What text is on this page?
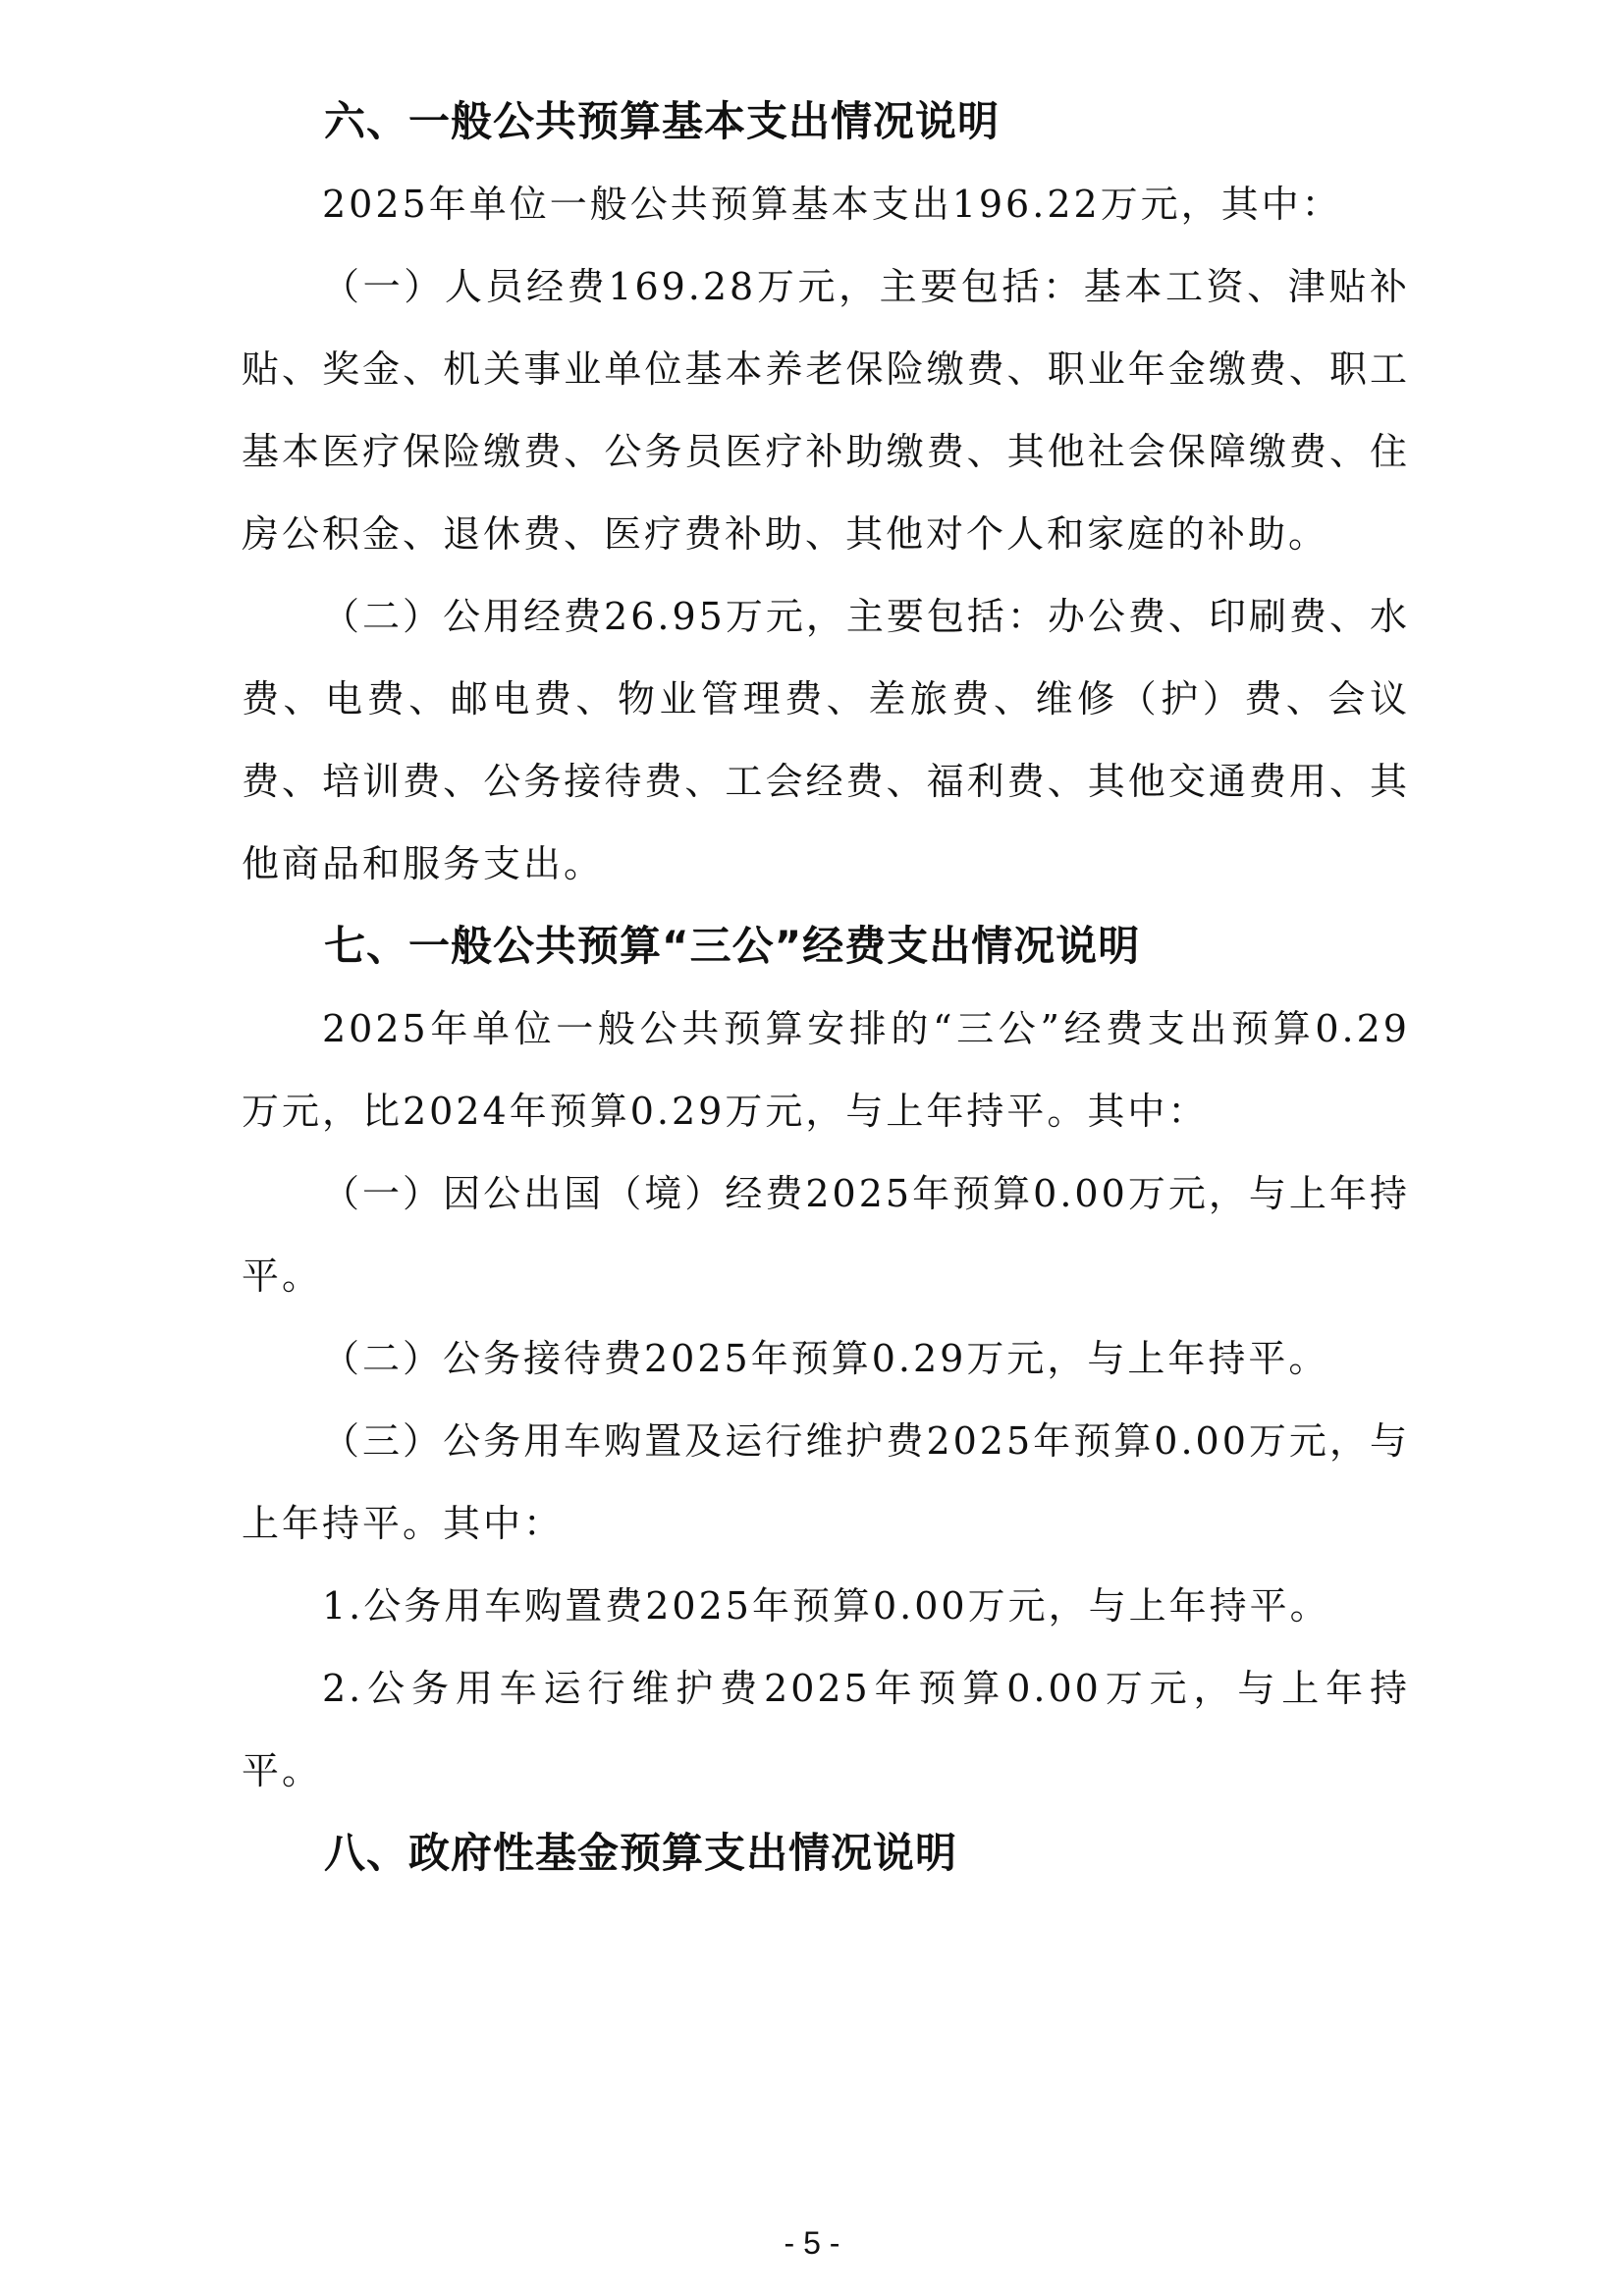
六、一般公共预算基本支出情况说明

2025年单位一般公共预算基本支出196.22万元，其中：

（一）人员经费169.28万元，主要包括：基本工资、津贴补贴、奖金、机关事业单位基本养老保险缴费、职业年金缴费、职工基本医疗保险缴费、公务员医疗补助缴费、其他社会保障缴费、住房公积金、退休费、医疗费补助、其他对个人和家庭的补助。

（二）公用经费26.95万元，主要包括：办公费、印刷费、水费、电费、邮电费、物业管理费、差旅费、维修（护）费、会议费、培训费、公务接待费、工会经费、福利费、其他交通费用、其他商品和服务支出。

七、一般公共预算“三公”经费支出情况说明

2025年单位一般公共预算安排的“三公”经费支出预算0.29万元，比2024年预算0.29万元，与上年持平。其中：

（一）因公出国（境）经费2025年预算0.00万元，与上年持平。

（二）公务接待费2025年预算0.29万元，与上年持平。

（三）公务用车购置及运行维护费2025年预算0.00万元，与上年持平。其中：

1.公务用车购置费2025年预算0.00万元，与上年持平。

2.公务用车运行维护费2025年预算0.00万元，与上年持平。

八、政府性基金预算支出情况说明
- 5 -
